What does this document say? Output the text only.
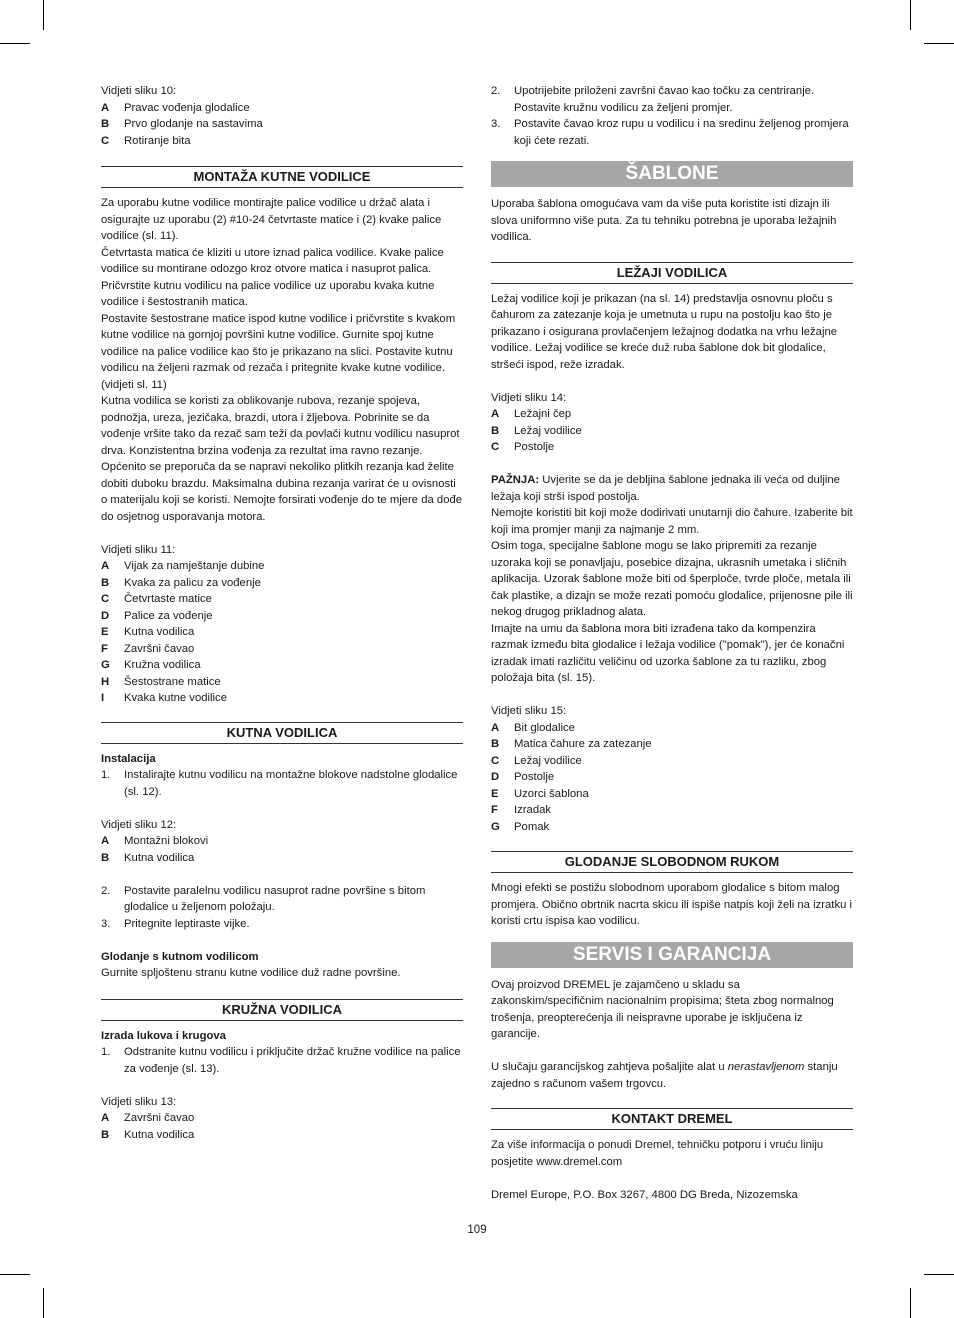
Vidjeti sliku 10:

A	Pravac vođenja glodalice
B	Prvo glodanje na sastavima
C	Rotiranje bita
MONTAŽA KUTNE VODILICE

Za uporabu kutne vodilice montirajte palice vodilice u držač alata i osigurajte uz uporabu (2) #10-24 četvrtaste matice i (2) kvake palice vodilice (sl. 11).

Četvrtasta matica će kliziti u utore iznad palica vodilice. Kvake palice vodilice su montirane odozgo kroz otvore matica i nasuprot palica. Pričvrstite kutnu vodilicu na palice vodilice uz uporabu kvaka kutne vodilice i šestostranih matica.

Postavite šestostrane matice ispod kutne vodilice i pričvrstite s kvakom kutne vodilice na gornjoj površini kutne vodilice. Gurnite spoj kutne vodilice na palice vodilice kao što je prikazano na slici. Postavite kutnu vodilicu na željeni razmak od rezača i pritegnite kvake kutne vodilice. (vidjeti sl. 11)

Kutna vodilica se koristi za oblikovanje rubova, rezanje spojeva, podnožja, ureza, jezičaka, brazdi, utora i žljebova. Pobrinite se da vođenje vršite tako da rezač sam teži da povlači kutnu vodilicu nasuprot drva. Konzistentna brzina vođenja za rezultat ima ravno rezanje.

Općenito se preporuča da se napravi nekoliko plitkih rezanja kad želite dobiti duboku brazdu. Maksimalna dubina rezanja varirat će u ovisnosti o materijalu koji se koristi. Nemojte forsirati vođenje do te mjere da dođe do osjetnog usporavanja motora.

Vidjeti sliku 11:

A	Vijak za namještanje dubine
B	Kvaka za palicu za vođenje
C	Četvrtaste matice
D	Palice za vođenje
E	Kutna vodilica
F	Završni čavao
G	Kružna vodilica
H	Šestostrane matice
I	Kvaka kutne vodilice
KUTNA VODILICA

Instalacija

1.	Instalirajte kutnu vodilicu na montažne blokove nadstolne glodalice (sl. 12).

Vidjeti sliku 12:

A	Montažni blokovi
B	Kutna vodilica
2.	Postavite paralelnu vodilicu nasuprot radne površine s bitom glodalice u željenom položaju.
3.	Pritegnite leptiraste vijke.

Glodanje s kutnom vodilicom

Gurnite spljoštenu stranu kutne vodilice duž radne površine.

KRUŽNA VODILICA

Izrada lukova i krugova

1.	Odstranite kutnu vodilicu i priključite držač kružne vodilice na palice za vođenje (sl. 13).

Vidjeti sliku 13:

A	Završni čavao
B	Kutna vodilica
2.	Upotrijebite priloženi završni čavao kao točku za centriranje. Postavite kružnu vodilicu za željeni promjer.
3.	Postavite čavao kroz rupu u vodilicu i na sredinu željenog promjera koji ćete rezati.
ŠABLONE

Uporaba šablona omogućava vam da više puta koristite isti dizajn ili slova uniformno više puta. Za tu tehniku potrebna je uporaba ležajnih vodilica.

LEŽAJI VODILICA

Ležaj vodilice koji je prikazan (na sl. 14) predstavlja osnovnu ploču s čahurom za zatezanje koja je umetnuta u rupu na postolju kao što je prikazano i osigurana provlačenjem ležajnog dodatka na vrhu ležajne vodilice. Ležaj vodilice se kreće duž ruba šablone dok bit glodalice, stršeći ispod, reže izradak.

Vidjeti sliku 14:

A	Ležajni čep
B	Ležaj vodilice
C	Postolje

PAŽNJA: Uvjerite se da je debljina šablone jednaka ili veća od duljine ležaja koji strši ispod postolja.

Nemojte koristiti bit koji može dodirivati unutarnji dio čahure. Izaberite bit koji ima promjer manji za najmanje 2 mm.

Osim toga, specijalne šablone mogu se lako pripremiti za rezanje uzoraka koji se ponavljaju, posebice dizajna, ukrasnih umetaka i sličnih aplikacija. Uzorak šablone može biti od šperploče, tvrde ploče, metala ili čak plastike, a dizajn se može rezati pomoću glodalice, prijenosne pile ili nekog drugog prikladnog alata.

Imajte na umu da šablona mora biti izrađena tako da kompenzira razmak između bita glodalice i ležaja vodilice ("pomak"), jer će konačni izradak imati različitu veličinu od uzorka šablone za tu razliku, zbog položaja bita (sl. 15).

Vidjeti sliku 15:

A	Bit glodalice
B	Matica čahure za zatezanje
C	Ležaj vodilice
D	Postolje
E	Uzorci šablona
F	Izradak
G	Pomak
GLODANJE SLOBODNOM RUKOM

Mnogi efekti se postižu slobodnom uporabom glodalice s bitom malog promjera. Obično obrtnik nacrta skicu ili ispiše natpis koji želi na izratku i koristi crtu ispisa kao vodilicu.

SERVIS I GARANCIJA

Ovaj proizvod DREMEL je zajamčeno u skladu sa zakonskim/specifičnim nacionalnim propisima; šteta zbog normalnog trošenja, preopterećenja ili neispravne uporabe je isključena iz garancije.

U slučaju garancijskog zahtjeva pošaljite alat u nerastavljenom stanju zajedno s računom vašem trgovcu.

KONTAKT DREMEL

Za više informacija o ponudi Dremel, tehničku potporu i vruću liniju posjetite www.dremel.com

Dremel Europe, P.O. Box 3267, 4800 DG Breda, Nizozemska

109
